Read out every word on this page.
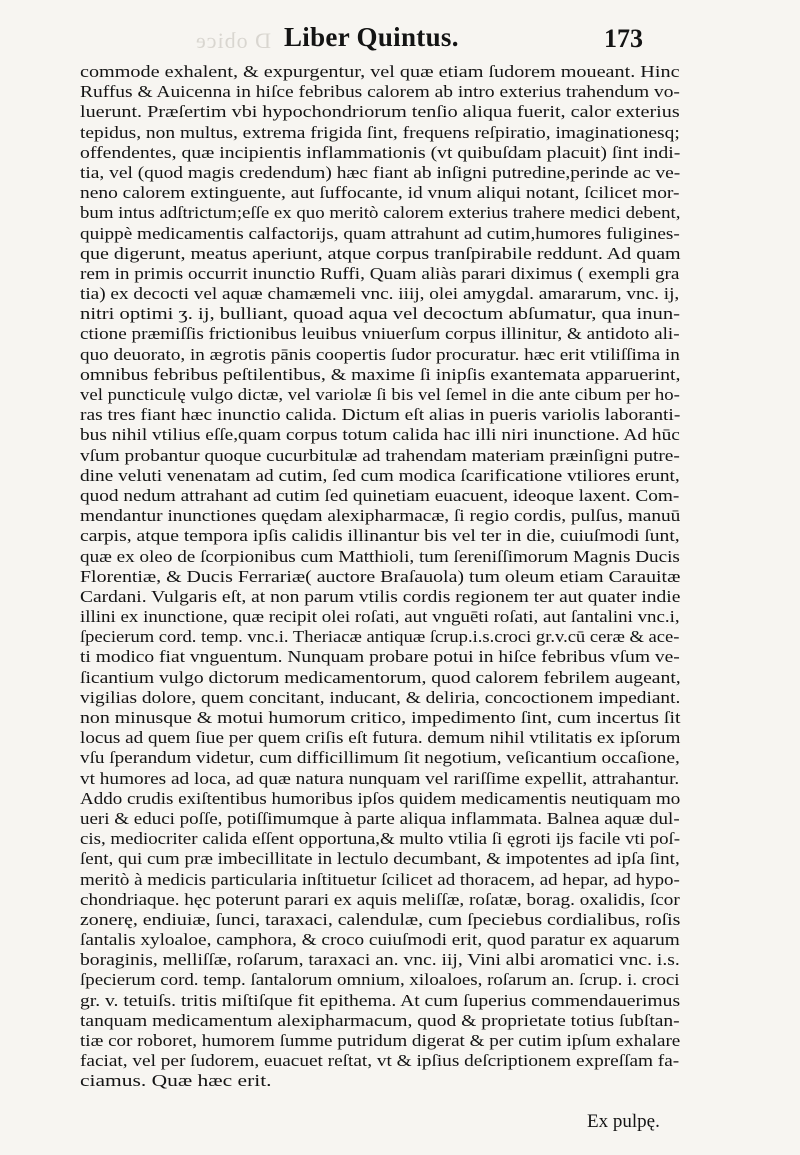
D obice Liber Quintus.	173
commode exhalent, & expurgentur, vel quæ etiam ſudorem moueant. Hinc
Ruffus & Auicenna in hiſce febribus calorem ab intro exterius trahendum vo-
luerunt. Præſertim vbi hypochondriorum tenſio aliqua fuerit, calor exterius
tepidus, non multus, extrema frigida ſint, frequens reſpiratio, imaginationesq;
offendentes, quæ incipientis inflammationis (vt quibuſdam placuit) ſint indi-
tia, vel (quod magis credendum) hæc fiant ab inſigni putredine,perinde ac ve-
neno calorem extinguente, aut ſuffocante, id vnum aliqui notant, ſcilicet mor-
bum intus adſtrictum;eſſe ex quo meritò calorem exterius trahere medici debent,
quippè medicamentis calfactorijs, quam attrahunt ad cutim,humores fuligines-
que digerunt, meatus aperiunt, atque corpus tranſpirabile reddunt. Ad quam
rem in primis occurrit inunctio Ruffi, Quam aliàs parari diximus ( exempli gra
tia) ex decocti vel aquæ chamæmeli vnc. iiij, olei amygdal. amararum, vnc. ij,
nitri optimi ʒ. ij, bulliant, quoad aqua vel decoctum abſumatur, qua inun-
ctione præmiſſis frictionibus leuibus vniuerſum corpus illinitur, & antidoto ali-
quo deuorato, in ægrotis pānis coopertis ſudor procuratur. hæc erit vtiliſſima in
omnibus febribus peſtilentibus, & maxime ſi inipſis exantemata apparuerint,
vel puncticulę vulgo dictæ, vel variolæ ſi bis vel ſemel in die ante cibum per ho-
ras tres fiant hæc inunctio calida. Dictum eſt alias in pueris variolis laboranti-
bus nihil vtilius eſſe,quam corpus totum calida hac illi niri inunctione. Ad hūc
vſum probantur quoque cucurbitulæ ad trahendam materiam præinſigni putre-
dine veluti venenatam ad cutim, ſed cum modica ſcarificatione vtiliores erunt,
quod nedum attrahant ad cutim ſed quinetiam euacuent, ideoque laxent. Com-
mendantur inunctiones quędam alexipharmacæ, ſi regio cordis, pulſus, manuū
carpis, atque tempora ipſis calidis illinantur bis vel ter in die, cuiuſmodi ſunt,
quæ ex oleo de ſcorpionibus cum Matthioli, tum ſereniſſimorum Magnis Ducis
Florentiæ, & Ducis Ferrariæ( auctore Braſauola) tum oleum etiam Carauitæ
Cardani. Vulgaris eſt, at non parum vtilis cordis regionem ter aut quater indie
illini ex inunctione, quæ recipit olei roſati, aut vnguēti roſati, aut ſantalini vnc.i,
ſpecierum cord. temp. vnc.i. Theriacæ antiquæ ſcrup.i.s.croci gr.v.cū ceræ & ace-
ti modico fiat vnguentum. Nunquam probare potui in hiſce febribus vſum ve-
ſicantium vulgo dictorum medicamentorum, quod calorem febrilem augeant,
vigilias dolore, quem concitant, inducant, & deliria, concoctionem impediant.
non minusque & motui humorum critico, impedimento ſint, cum incertus ſit
locus ad quem ſiue per quem criſis eſt futura. demum nihil vtilitatis ex ipſorum
vſu ſperandum videtur, cum difficillimum ſit negotium, veſicantium occaſione,
vt humores ad loca, ad quæ natura nunquam vel rariſſime expellit, attrahantur.
Addo crudis exiſtentibus humoribus ipſos quidem medicamentis neutiquam mo
ueri & educi poſſe, potiſſimumque à parte aliqua inflammata. Balnea aquæ dul-
cis, mediocriter calida eſſent opportuna,& multo vtilia ſi ęgroti ijs facile vti poſ-
ſent, qui cum præ imbecillitate in lectulo decumbant, & impotentes ad ipſa ſint,
meritò à medicis particularia inſtituetur ſcilicet ad thoracem, ad hepar, ad hypo-
chondriaque. hęc poterunt parari ex aquis meliſſæ, roſatæ, borag. oxalidis, ſcor
zonerę, endiuiæ, ſunci, taraxaci, calendulæ, cum ſpeciebus cordialibus, roſis
ſantalis xyloaloe, camphora, & croco cuiuſmodi erit, quod paratur ex aquarum
boraginis, melliſſæ, roſarum, taraxaci an. vnc. iij, Vini albi aromatici vnc. i.s.
ſpecierum cord. temp. ſantalorum omnium, xiloaloes, roſarum an. ſcrup. i. croci
gr. v. tetuiſs. tritis miſtiſque fit epithema. At cum ſuperius commendauerimus
tanquam medicamentum alexipharmacum, quod & proprietate totius ſubſtan-
tiæ cor roboret, humorem ſumme putridum digerat & per cutim ipſum exhalare
faciat, vel per ſudorem, euacuet reſtat, vt & ipſius deſcriptionem expreſſam fa-
ciamus. Quæ hæc erit.
Ex pulpę.
